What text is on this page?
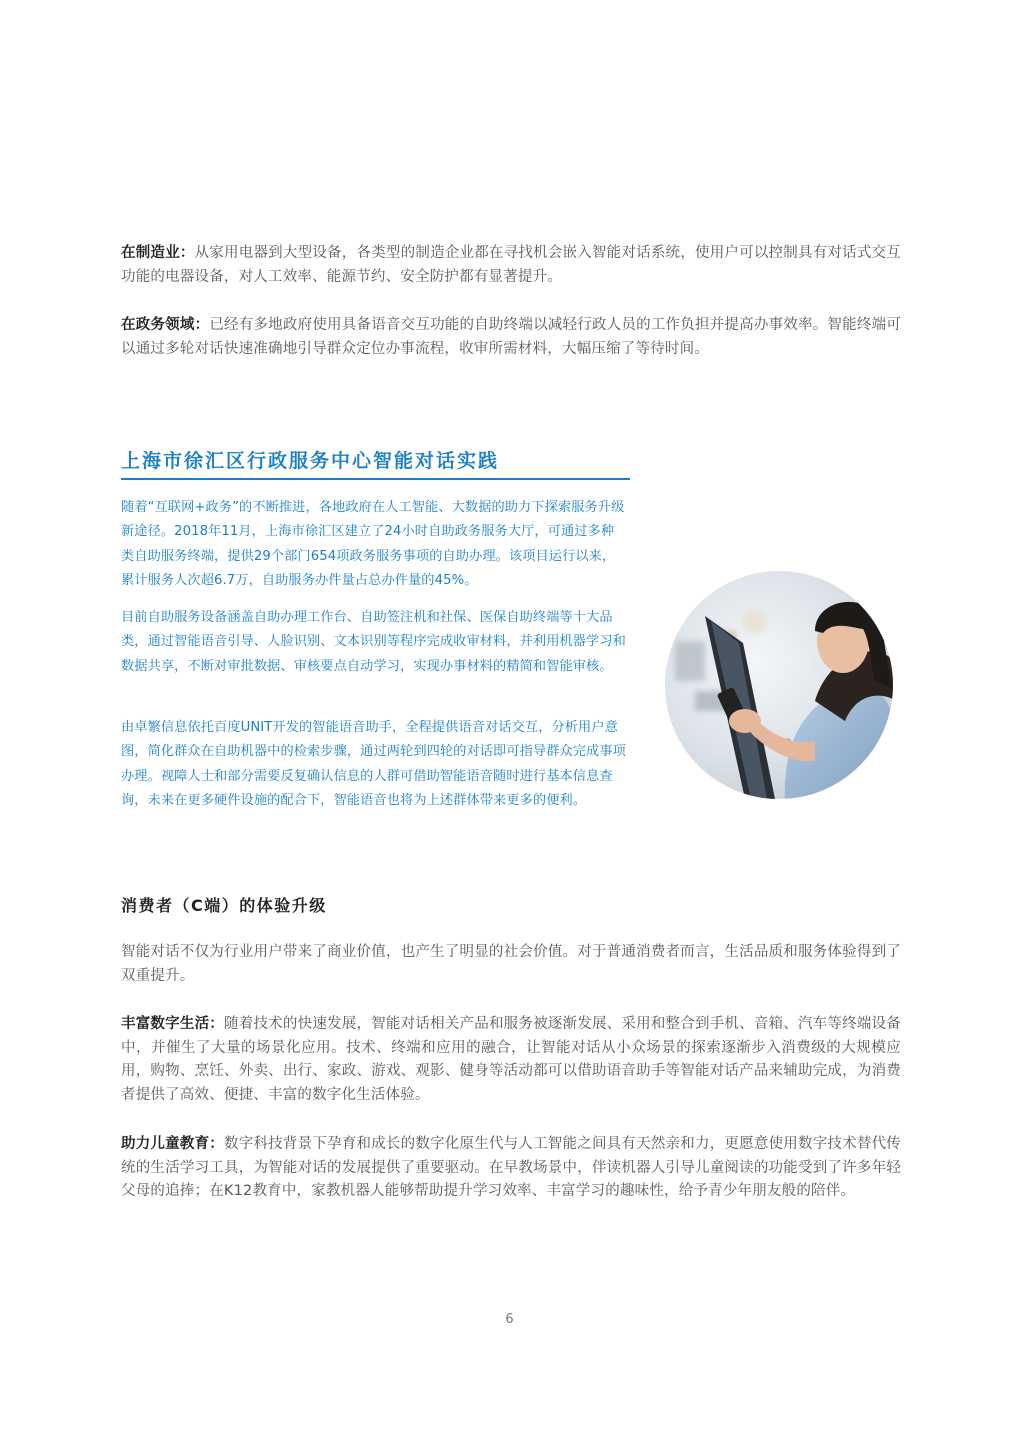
在制造业：从家用电器到大型设备，各类型的制造企业都在寻找机会嵌入智能对话系统，使用户可以控制具有对话式交互功能的电器设备，对人工效率、能源节约、安全防护都有显著提升。

在政务领域：已经有多地政府使用具备语音交互功能的自助终端以减轻行政人员的工作负担并提高办事效率。智能终端可以通过多轮对话快速准确地引导群众定位办事流程，收审所需材料，大幅压缩了等待时间。

上海市徐汇区行政服务中心智能对话实践

随着“互联网+政务”的不断推进，各地政府在人工智能、大数据的助力下探索服务升级新途径。2018年11月，上海市徐汇区建立了24小时自助政务服务大厅，可通过多种类自助服务终端，提供29个部门654项政务服务事项的自助办理。该项目运行以来，累计服务人次超6.7万，自助服务办件量占总办件量的45%。

目前自助服务设备涵盖自助办理工作台、自助签注机和社保、医保自助终端等十大品类，通过智能语音引导、人脸识别、文本识别等程序完成收审材料，并利用机器学习和数据共享，不断对审批数据、审核要点自动学习，实现办事材料的精简和智能审核。

由卓繁信息依托百度UNIT开发的智能语音助手，全程提供语音对话交互，分析用户意图，简化群众在自助机器中的检索步骤，通过两轮到四轮的对话即可指导群众完成事项办理。视障人士和部分需要反复确认信息的人群可借助智能语音随时进行基本信息查询，未来在更多硬件设施的配合下，智能语音也将为上述群体带来更多的便利。

消费者（C端）的体验升级

智能对话不仅为行业用户带来了商业价值，也产生了明显的社会价值。对于普通消费者而言，生活品质和服务体验得到了双重提升。

丰富数字生活：随着技术的快速发展，智能对话相关产品和服务被逐渐发展、采用和整合到手机、音箱、汽车等终端设备中，并催生了大量的场景化应用。技术、终端和应用的融合，让智能对话从小众场景的探索逐渐步入消费级的大规模应用，购物、烹饪、外卖、出行、家政、游戏、观影、健身等活动都可以借助语音助手等智能对话产品来辅助完成，为消费者提供了高效、便捷、丰富的数字化生活体验。

助力儿童教育：数字科技背景下孕育和成长的数字化原生代与人工智能之间具有天然亲和力，更愿意使用数字技术替代传统的生活学习工具，为智能对话的发展提供了重要驱动。在早教场景中，伴读机器人引导儿童阅读的功能受到了许多年轻父母的追捧；在K12教育中，家教机器人能够帮助提升学习效率、丰富学习的趣味性，给予青少年朋友般的陪伴。

6
